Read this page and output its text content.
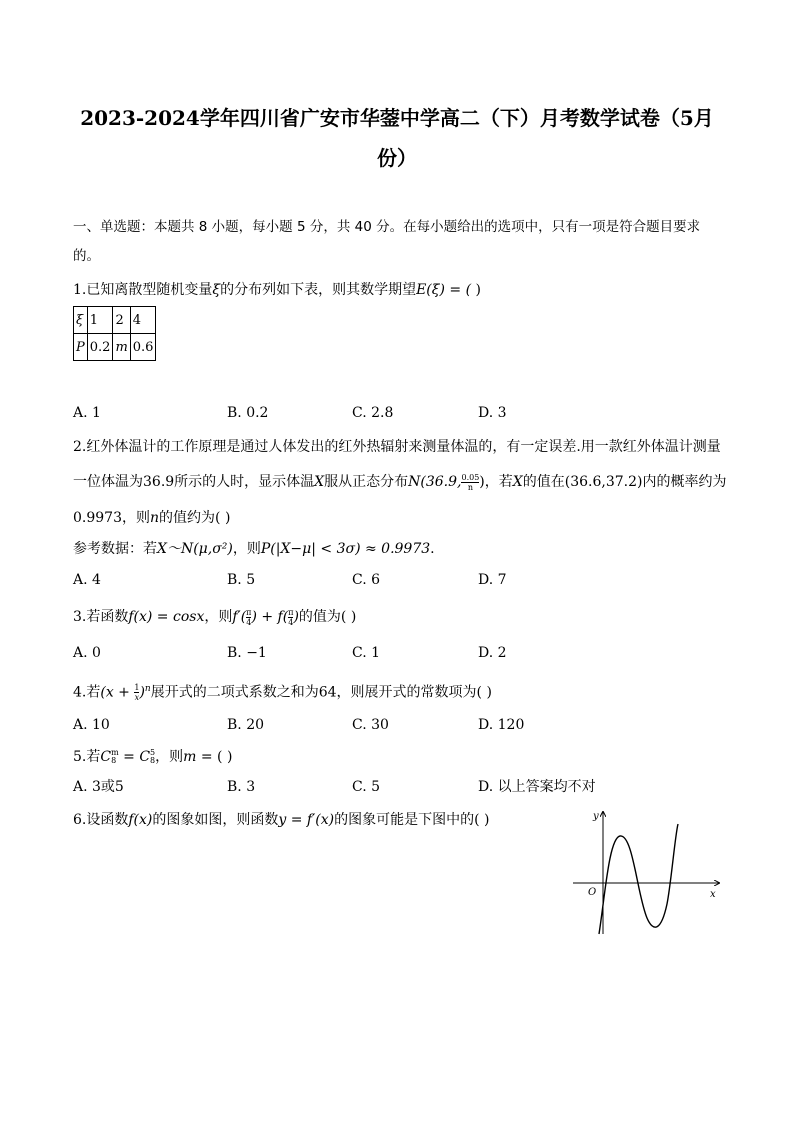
2023-2024学年四川省广安市华蓥中学高二（下）月考数学试卷（5月
份）
一、单选题：本题共 8 小题，每小题 5 分，共 40 分。在每小题给出的选项中，只有一项是符合题目要求
的。
1.已知离散型随机变量ξ的分布列如下表，则其数学期望E(ξ) = ( )
ξ	1	2	4
P	0.2	m	0.6
A. 1	B. 0.2	C. 2.8	D. 3
2.红外体温计的工作原理是通过人体发出的红外热辐射来测量体温的，有一定误差.用一款红外体温计测量
一位体温为36.9所示的人时，显示体温X服从正态分布N(36.9, $\frac{0.05}{n}$ )，若X的值在(36.6,37.2)内的概率约为
0.9973，则n的值约为( )
参考数据：若X～N(μ,σ²)，则P(|X−μ| < 3σ) ≈ 0.9973.
A. 4	B. 5	C. 6	D. 7
3.若函数f(x) = cosx，则$f'( \frac{\pi}{4}$ ) + $f( \frac{\pi}{4}$ )的值为( )
A. 0	B. −1	C. 1	D. 2
4.若$(x + \frac{1}{x})^n$展开式的二项式系数之和为64，则展开式的常数项为( )
A. 10	B. 20	C. 30	D. 120
5.若C m
8 = C 5
8 ，则m = ( )
A. 3或5	B. 3	C. 5	D. 以上答案均不对
6.设函数f(x)的图象如图，则函数y = f′(x)的图象可能是下图中的( )	y
x
O
